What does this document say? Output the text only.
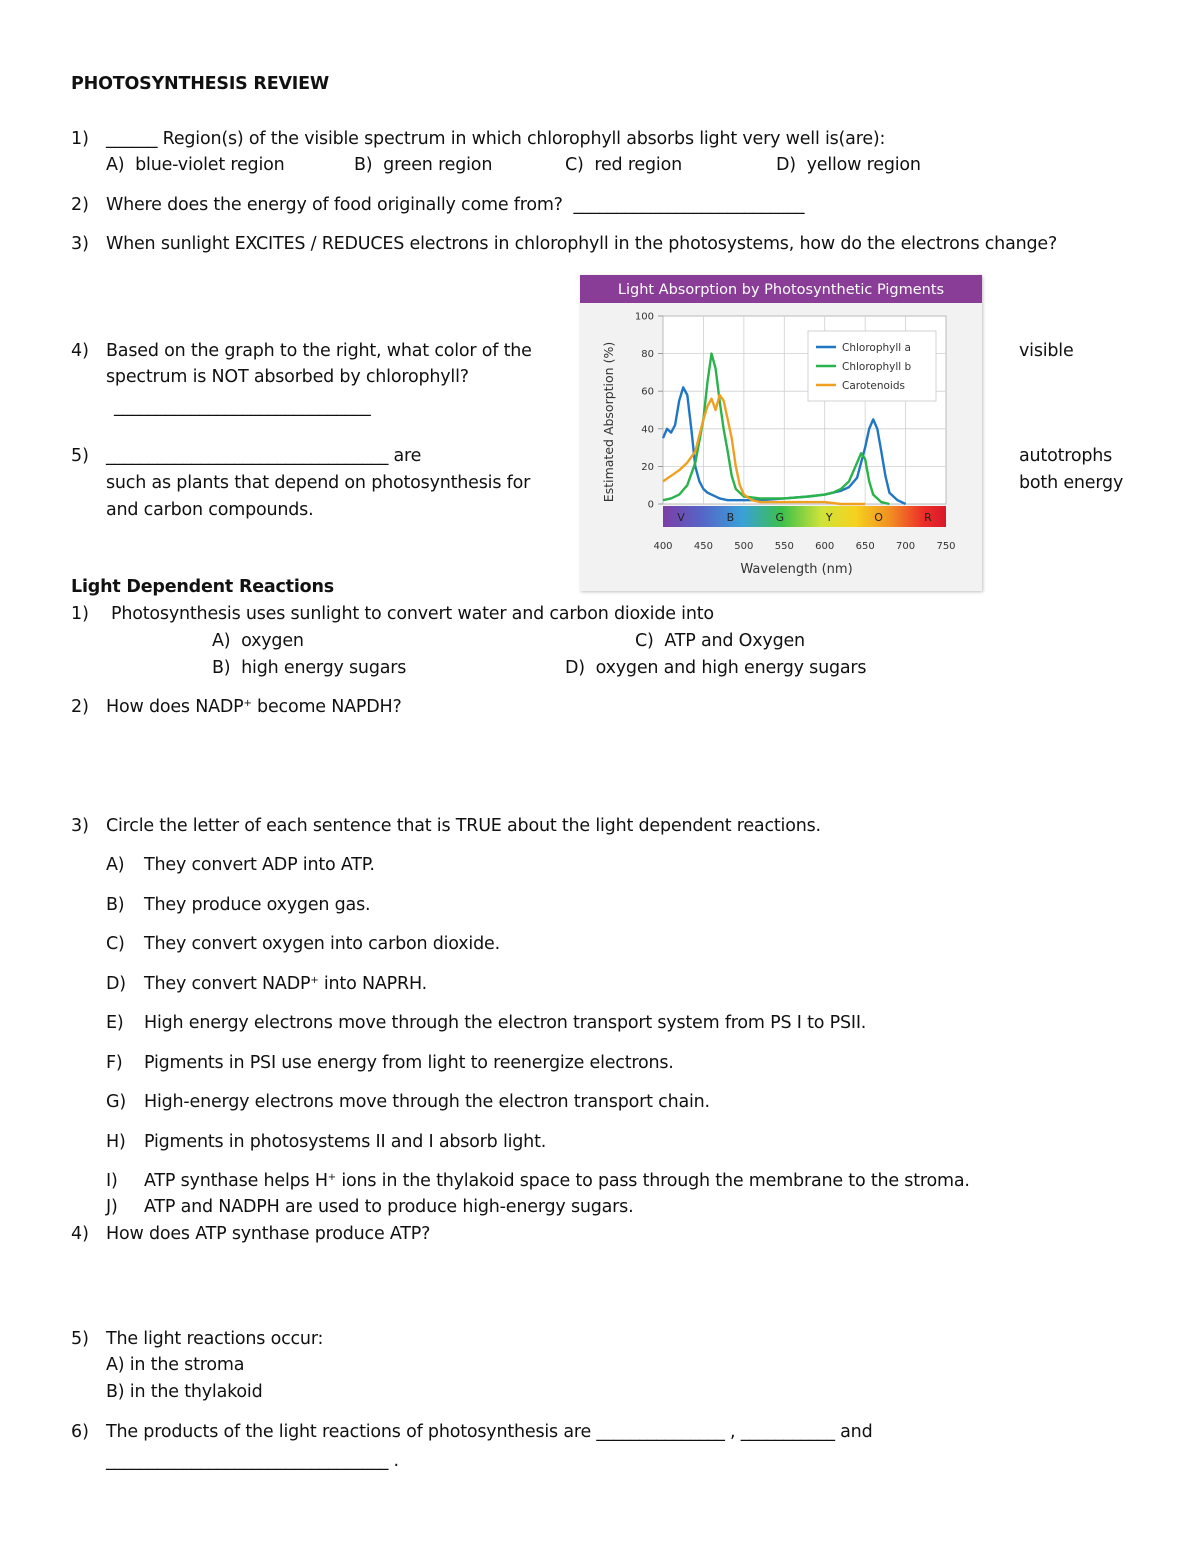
PHOTOSYNTHESIS REVIEW
1) ______ Region(s) of the visible spectrum in which chlorophyll absorbs light very well is(are):
A)  blue-violet region	B)  green region	C)  red region	D)  yellow region
2) Where does the energy of food originally come from?  ___________________________
3) When sunlight EXCITES / REDUCES electrons in chlorophyll in the photosystems, how do the electrons change?
4) Based on the graph to the right, what color of the	visible
spectrum is NOT absorbed by chlorophyll?
______________________________
5) _________________________________ are	autotrophs
such as plants that depend on photosynthesis for	both energy
and carbon compounds.
Light Absorption by Photosynthetic Pigments
0
20
40
60
80
100
V	B	G	Y	O	R
400 450 500 550 600 650 700 750
Wavelength (nm)
Estimated Absorption (%)	Chlorophyll a
Chlorophyll b
Carotenoids
Light Dependent Reactions
1) Photosynthesis uses sunlight to convert water and carbon dioxide into
A)  oxygen
B)  high energy sugars
C)  ATP and Oxygen
D)  oxygen and high energy sugars
2) How does NADP+ become NAPDH?
3) Circle the letter of each sentence that is TRUE about the light dependent reactions.
A) They convert ADP into ATP.
B) They produce oxygen gas.
C) They convert oxygen into carbon dioxide.
D) They convert NADP+ into NAPRH.
E) High energy electrons move through the electron transport system from PS I to PSII.
F) Pigments in PSI use energy from light to reenergize electrons.
G) High-energy electrons move through the electron transport chain.
H) Pigments in photosystems II and I absorb light.
I) ATP synthase helps H+ ions in the thylakoid space to pass through the membrane to the stroma.
J) ATP and NADPH are used to produce high-energy sugars.
4) How does ATP synthase produce ATP?
5) The light reactions occur:
A) in the stroma
B) in the thylakoid
6) The products of the light reactions of photosynthesis are _______________ , ___________ and
_________________________________ .
